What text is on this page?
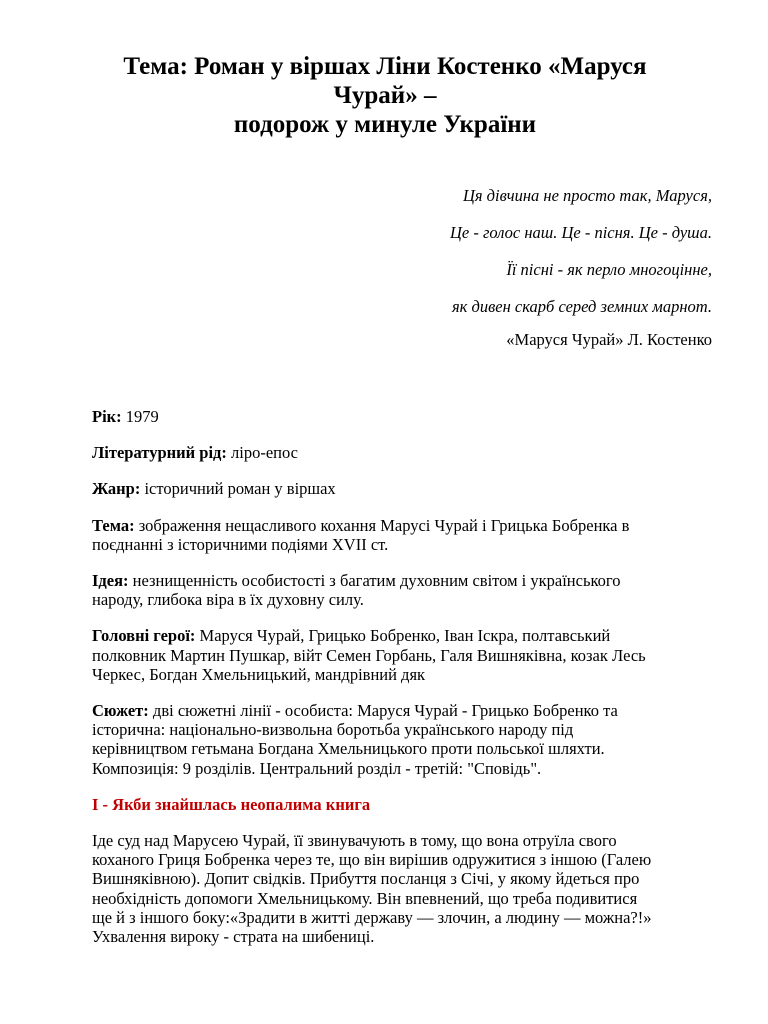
Тема: Роман у віршах Ліни Костенко «Маруся
Чурай» –
подорож у минуле України
Ця дівчина не просто так, Маруся,
Це - голос наш. Це - пісня. Це - душа.
Її пісні - як перло многоцінне,
як дивен скарб серед земних марнот.
«Маруся Чурай» Л. Костенко

Рік: 1979

Літературний рід: ліро-епос

Жанр: історичний роман у віршах

Тема: зображення нещасливого кохання Марусі Чурай і Грицька Бобренка в
поєднанні з історичними подіями XVII ст.

Ідея: незнищенність особистості з багатим духовним світом і українського
народу, глибока віра в їх духовну силу.

Головні герої: Маруся Чурай, Грицько Бобренко, Іван Іскра, полтавський
полковник Мартин Пушкар, війт Семен Горбань, Галя Вишняківна, козак Лесь
Черкес, Богдан Хмельницький, мандрівний дяк

Сюжет: дві сюжетні лінії - особиста: Маруся Чурай - Грицько Бобренко та
історична: національно-визвольна боротьба українського народу під
керівництвом гетьмана Богдана Хмельницького проти польської шляхти.
Композиція: 9 розділів. Центральний розділ - третій: "Сповідь".

І - Якби знайшлась неопалима книга

Іде суд над Марусею Чурай, її звинувачують в тому, що вона отруїла свого
коханого Гриця Бобренка через те, що він вирішив одружитися з іншою (Галею
Вишняківною). Допит свідків. Прибуття посланця з Січі, у якому йдеться про
необхідність допомоги Хмельницькому. Він впевнений, що треба подивитися
ще й з іншого боку:«Зрадити в житті державу — злочин, а людину — можна?!»
Ухвалення вироку - страта на шибениці.
